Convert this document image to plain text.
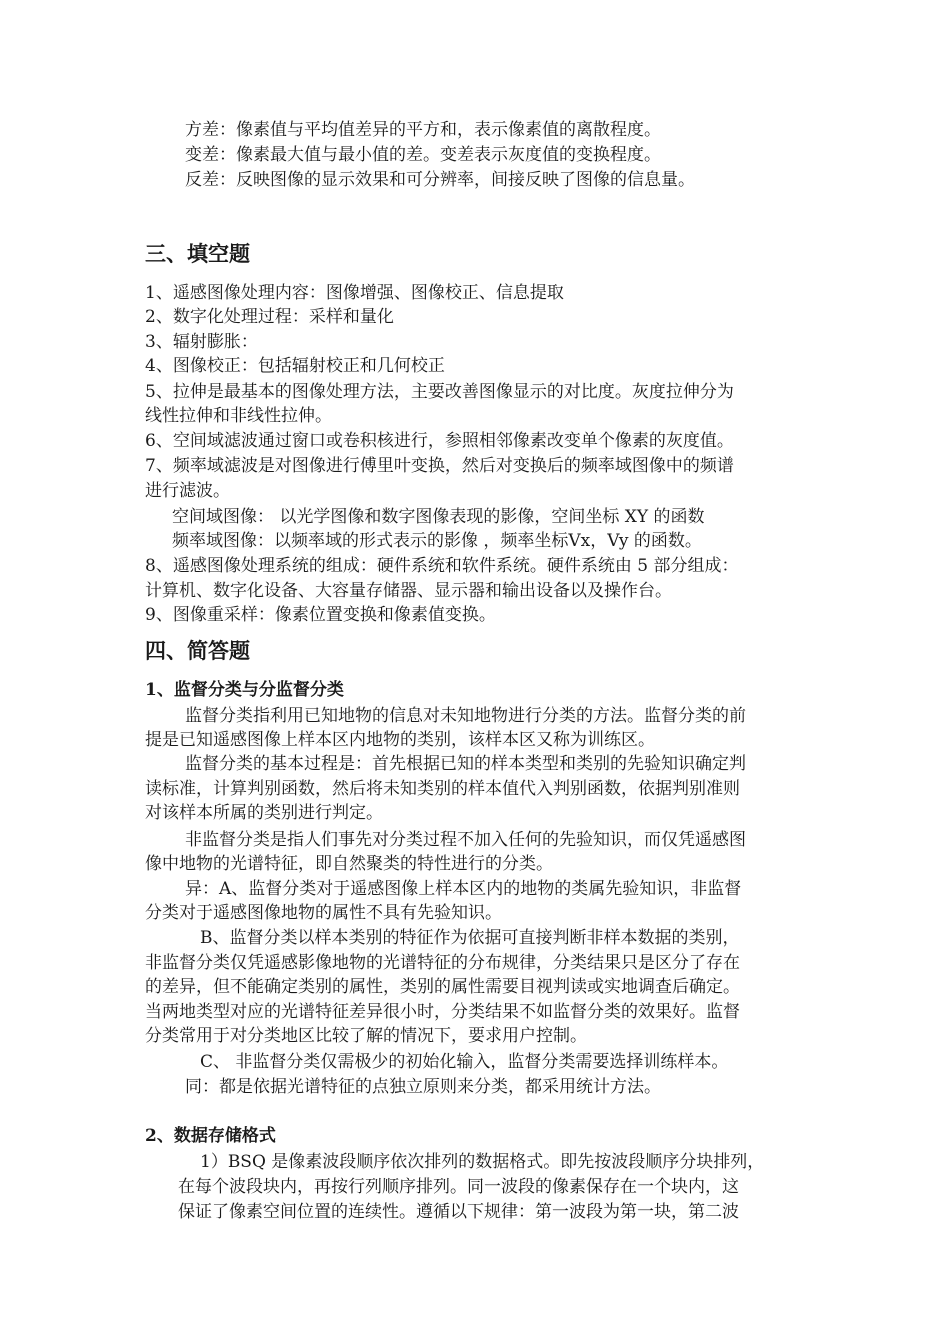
方差：像素值与平均值差异的平方和，表示像素值的离散程度。

变差：像素最大值与最小值的差。变差表示灰度值的变换程度。

反差：反映图像的显示效果和可分辨率，间接反映了图像的信息量。

三、填空题

1、遥感图像处理内容：图像增强、图像校正、信息提取

2、数字化处理过程：采样和量化

3、辐射膨胀：

4、图像校正：包括辐射校正和几何校正

5、拉伸是最基本的图像处理方法，主要改善图像显示的对比度。灰度拉伸分为

线性拉伸和非线性拉伸。

6、空间域滤波通过窗口或卷积核进行，参照相邻像素改变单个像素的灰度值。

7、频率域滤波是对图像进行傅里叶变换，然后对变换后的频率域图像中的频谱

进行滤波。

空间域图像： 以光学图像和数字图像表现的影像，空间坐标 XY 的函数

频率域图像：以频率域的形式表示的影像 ，频率坐标Vx，Vy 的函数。

8、遥感图像处理系统的组成：硬件系统和软件系统。硬件系统由 5 部分组成：

计算机、数字化设备、大容量存储器、显示器和输出设备以及操作台。

9、图像重采样：像素位置变换和像素值变换。

四、简答题
1、监督分类与分监督分类

监督分类指利用已知地物的信息对未知地物进行分类的方法。监督分类的前

提是已知遥感图像上样本区内地物的类别，该样本区又称为训练区。

监督分类的基本过程是：首先根据已知的样本类型和类别的先验知识确定判

读标准，计算判别函数，然后将未知类别的样本值代入判别函数，依据判别准则

对该样本所属的类别进行判定。

非监督分类是指人们事先对分类过程不加入任何的先验知识，而仅凭遥感图

像中地物的光谱特征，即自然聚类的特性进行的分类。

异：A、监督分类对于遥感图像上样本区内的地物的类属先验知识，非监督

分类对于遥感图像地物的属性不具有先验知识。

B、监督分类以样本类别的特征作为依据可直接判断非样本数据的类别，

非监督分类仅凭遥感影像地物的光谱特征的分布规律，分类结果只是区分了存在

的差异，但不能确定类别的属性，类别的属性需要目视判读或实地调查后确定。

当两地类型对应的光谱特征差异很小时，分类结果不如监督分类的效果好。监督

分类常用于对分类地区比较了解的情况下，要求用户控制。

C、 非监督分类仅需极少的初始化输入，监督分类需要选择训练样本。

同：都是依据光谱特征的点独立原则来分类，都采用统计方法。

2、数据存储格式

1）BSQ 是像素波段顺序依次排列的数据格式。即先按波段顺序分块排列，

在每个波段块内，再按行列顺序排列。同一波段的像素保存在一个块内，这

保证了像素空间位置的连续性。遵循以下规律：第一波段为第一块，第二波
